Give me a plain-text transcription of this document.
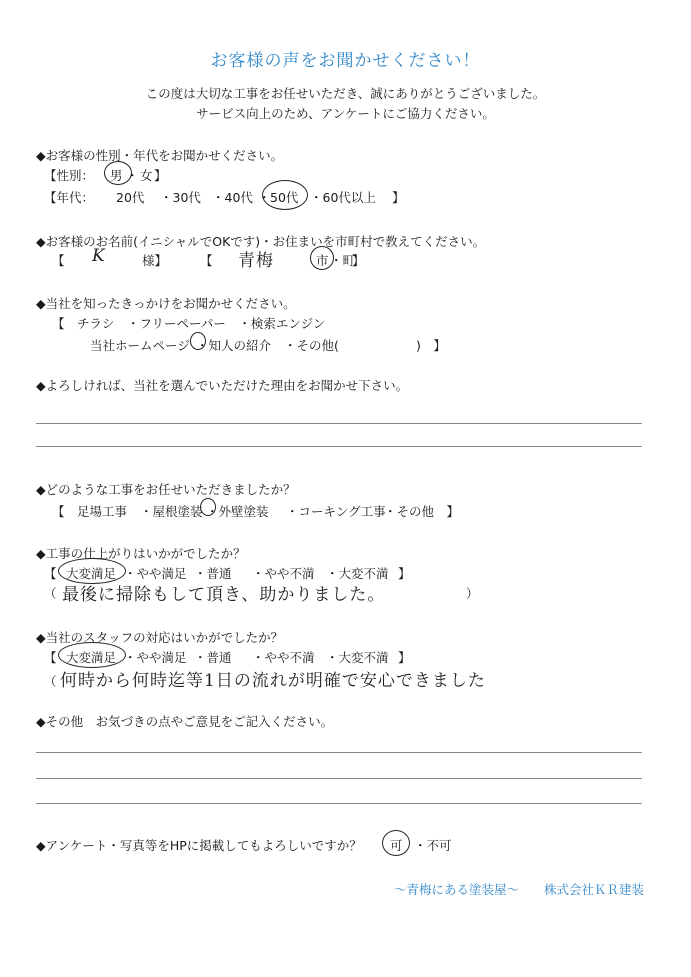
お客様の声をお聞かせください！
この度は大切な工事をお任せいただき、誠にありがとうございました。
サービス向上のため、アンケートにご協力ください。
◆お客様の性別・年代をお聞かせください。
【性別： 男 ・ 女 】
【年代： 20代 ・30代 ・40代 ・ 50代 ・60代以上 】
◆お客様のお名前(イニシャルでOKです)・お住まいを市町村で教えてください。
【 K	様】	【 青梅	市 ・町
】
◆当社を知ったきっかけをお聞かせください。
【　チラシ　・フリーペーパー　・検索エンジン
当社ホームページ ・知人の紹介 ・その他(	)　】
◆よろしければ、当社を選んでいただけた理由をお聞かせ下さい。
◆どのような工事をお任せいただきましたか？
【　足場工事 ・屋根塗装 ・外壁塗装 ・コーキング工事
・その他　】
◆工事の仕上がりはいかがでしたか？
【 大変満足 ・やや満足 ・普通 ・やや不満 ・大変不満 】
（ 最後に掃除もして頂き、助かりました。	）
◆当社のスタッフの対応はいかがでしたか？
【 大変満足 ・やや満足 ・普通 ・やや不満 ・大変不満 】
（ 何時から何時迄等1日の流れが明確で安心できました
◆その他　お気づきの点やご意見をご記入ください。
◆アンケート・写真等をHPに掲載してもよろしいですか？ 可 ・不可
〜青梅にある塗装屋〜 株式会社ＫＲ建装
